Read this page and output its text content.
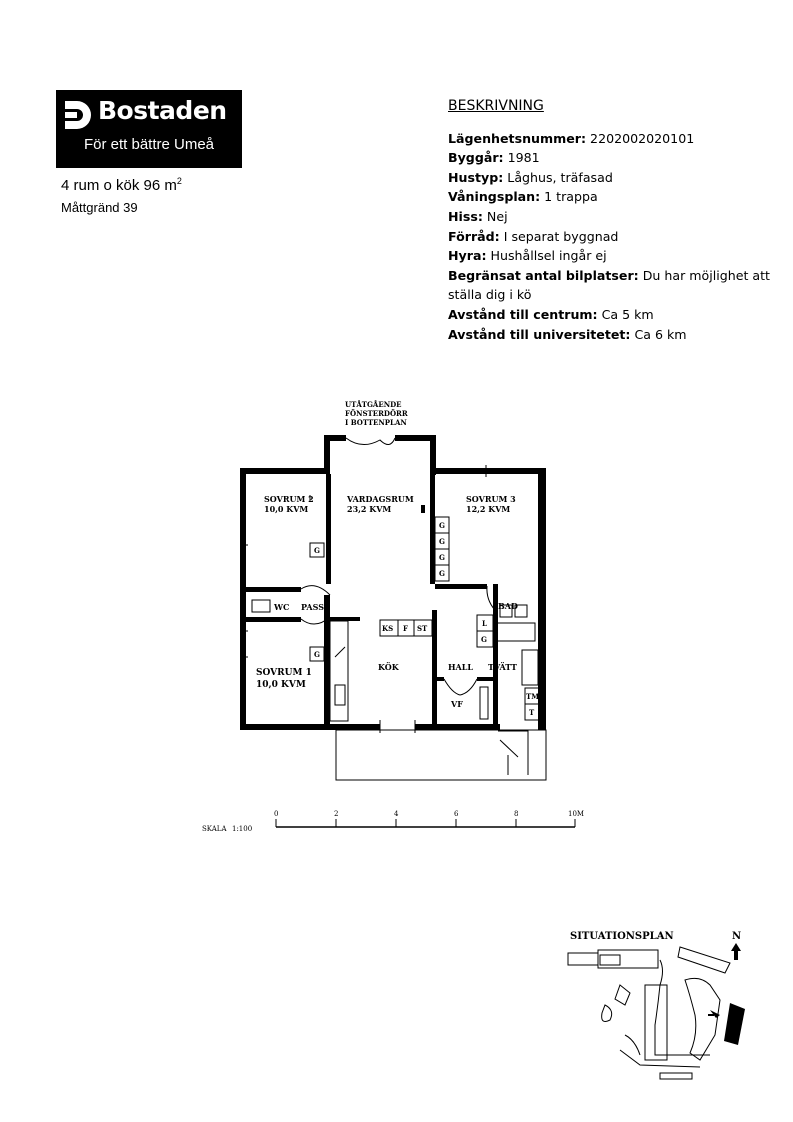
Bostaden
För ett bättre Umeå
4 rum o kök 96 $m^2$
Måttgränd 39
BESKRIVNING
Lägenhetsnummer: 2202002020101
Byggår: 1981
Hustyp: Låghus, träfasad
Våningsplan: 1 trappa
Hiss: Nej
Förråd: I separat byggnad
Hyra: Hushållsel ingår ej
Begränsat antal bilplatser: Du har möjlighet att ställa dig i kö
Avstånd till centrum: Ca 5 km
Avstånd till universitetet: Ca 6 km
UTÅTGÅENDE
FÖNSTERDÖRR
I BOTTENPLAN
SOVRUM 2
10,0 KVM
VARDAGSRUM
23,2 KVM
SOVRUM 3
12,2 KVM
SOVRUM 1
10,0 KVM
WC PASS	BAD
KÖK	HALL TVÄTT
VF
G
G
G
G
G
G
KS F ST
L
G
TM
T
SKALA 1:100
0	2	4	6	8	10M
SITUATIONSPLAN	N
